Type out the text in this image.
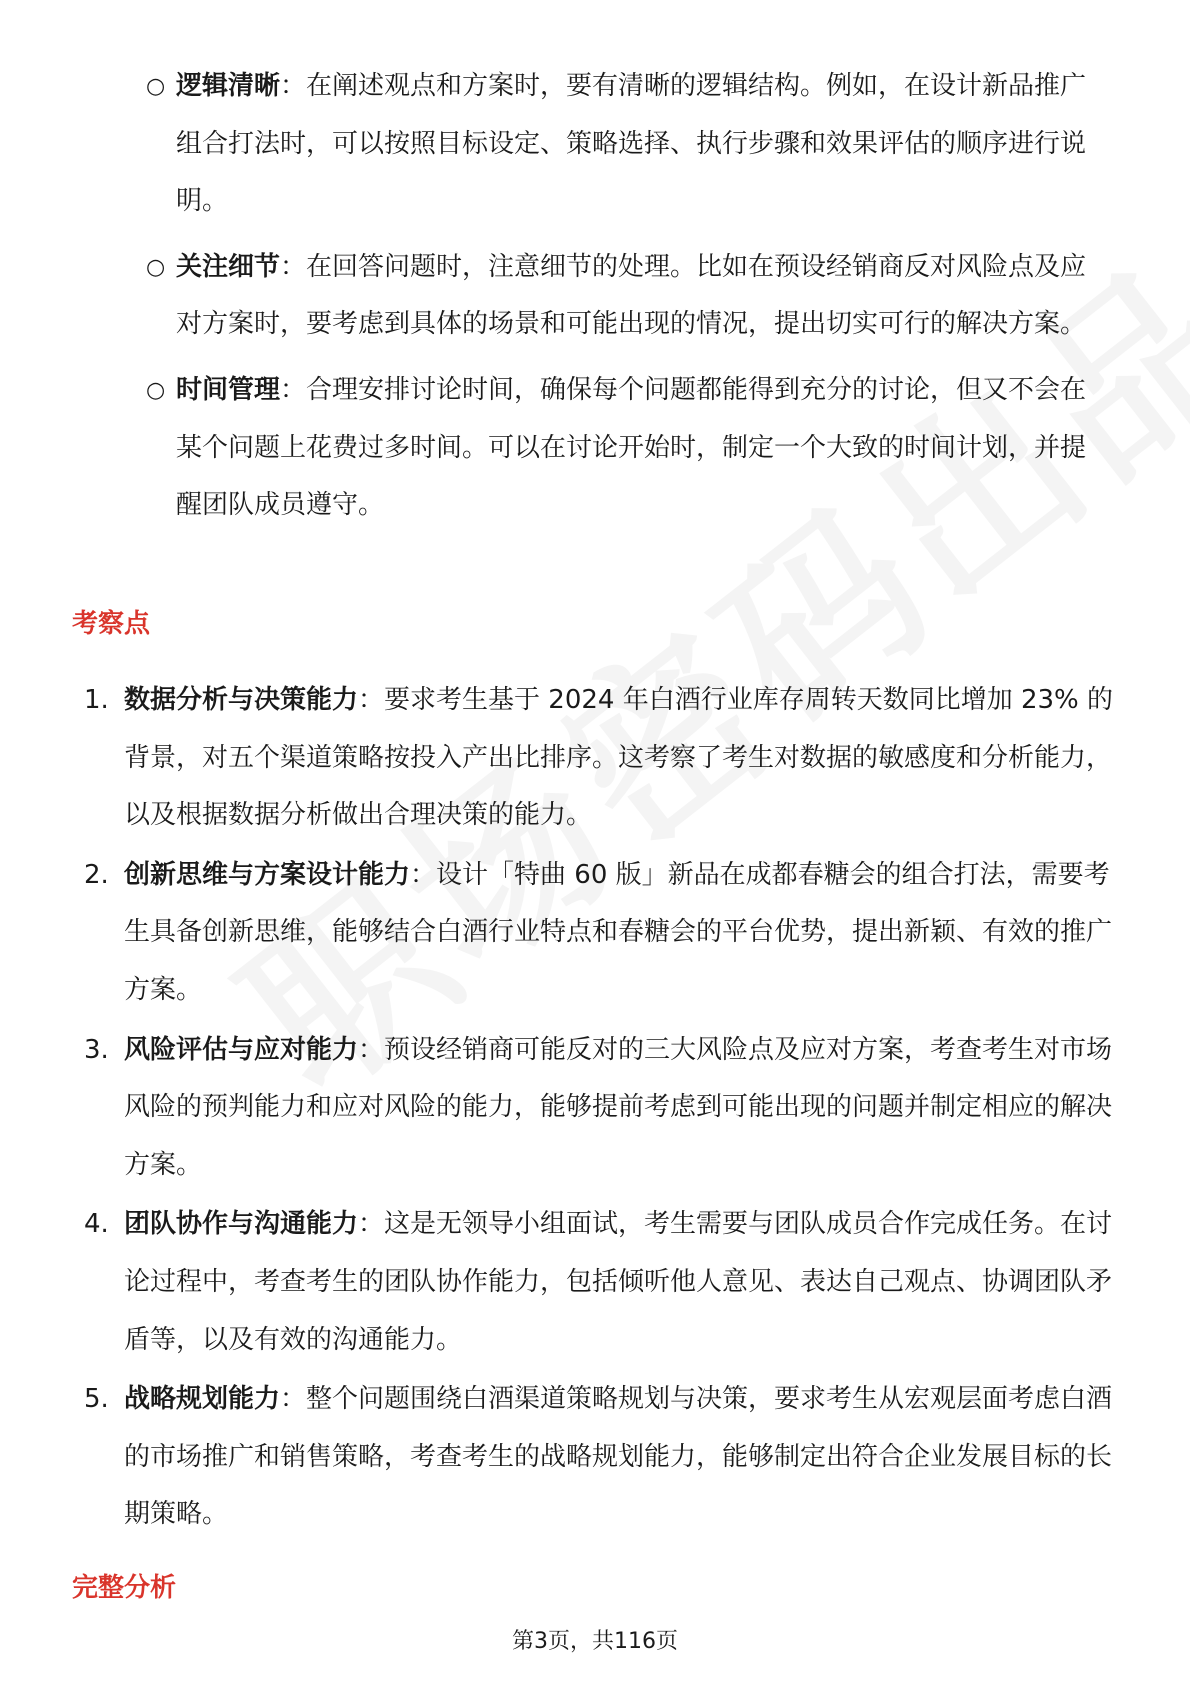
○ 逻辑清晰：在阐述观点和方案时，要有清晰的逻辑结构。例如，在设计新品推广组合打法时，可以按照目标设定、策略选择、执行步骤和效果评估的顺序进行说明。
○ 关注细节：在回答问题时，注意细节的处理。比如在预设经销商反对风险点及应对方案时，要考虑到具体的场景和可能出现的情况，提出切实可行的解决方案。
○ 时间管理：合理安排讨论时间，确保每个问题都能得到充分的讨论，但又不会在某个问题上花费过多时间。可以在讨论开始时，制定一个大致的时间计划，并提醒团队成员遵守。
考察点
1. 数据分析与决策能力：要求考生基于 2024 年白酒行业库存周转天数同比增加 23% 的背景，对五个渠道策略按投入产出比排序。这考察了考生对数据的敏感度和分析能力，以及根据数据分析做出合理决策的能力。
2. 创新思维与方案设计能力：设计「特曲 60 版」新品在成都春糖会的组合打法，需要考生具备创新思维，能够结合白酒行业特点和春糖会的平台优势，提出新颖、有效的推广方案。
3. 风险评估与应对能力：预设经销商可能反对的三大风险点及应对方案，考查考生对市场风险的预判能力和应对风险的能力，能够提前考虑到可能出现的问题并制定相应的解决方案。
4. 团队协作与沟通能力：这是无领导小组面试，考生需要与团队成员合作完成任务。在讨论过程中，考查考生的团队协作能力，包括倾听他人意见、表达自己观点、协调团队矛盾等，以及有效的沟通能力。
5. 战略规划能力：整个问题围绕白酒渠道策略规划与决策，要求考生从宏观层面考虑白酒的市场推广和销售策略，考查考生的战略规划能力，能够制定出符合企业发展目标的长期策略。
完整分析
第3页，共116页
